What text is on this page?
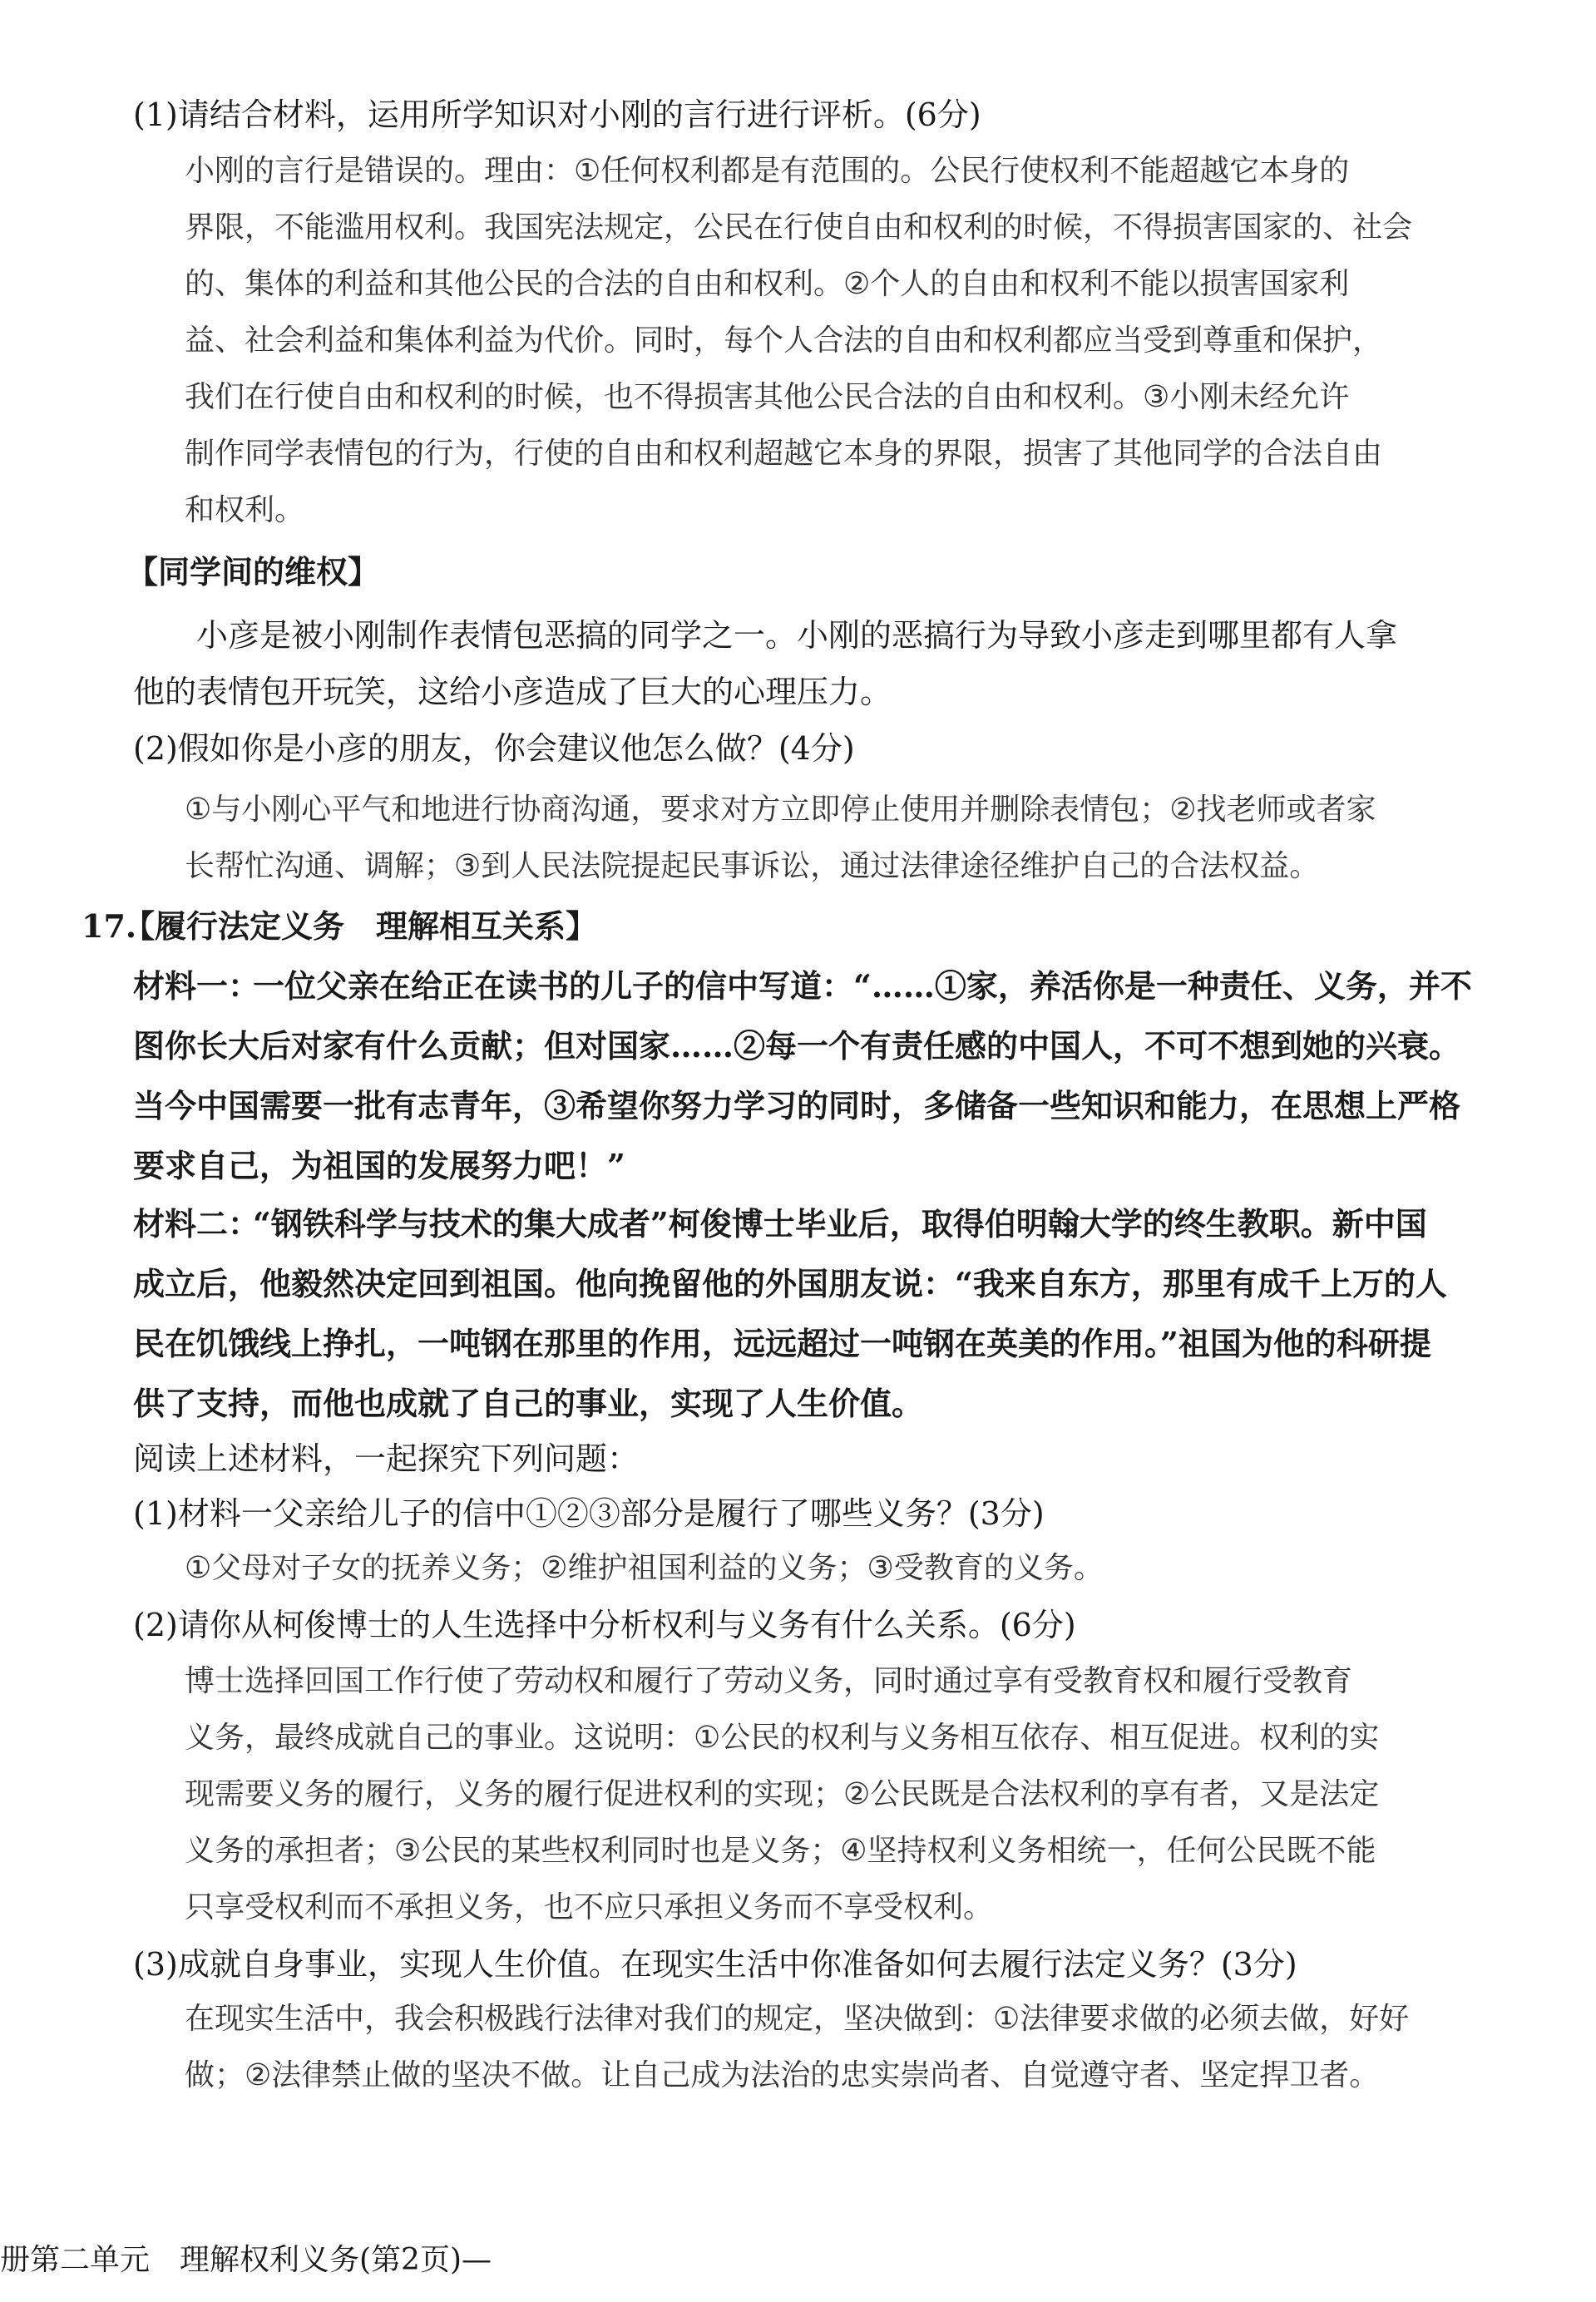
(1)请结合材料，运用所学知识对小刚的言行进行评析。(6分)
小刚的言行是错误的。理由：①任何权利都是有范围的。公民行使权利不能超越它本身的
界限，不能滥用权利。我国宪法规定，公民在行使自由和权利的时候，不得损害国家的、社会
的、集体的利益和其他公民的合法的自由和权利。②个人的自由和权利不能以损害国家利
益、社会利益和集体利益为代价。同时，每个人合法的自由和权利都应当受到尊重和保护，
我们在行使自由和权利的时候，也不得损害其他公民合法的自由和权利。③小刚未经允许
制作同学表情包的行为，行使的自由和权利超越它本身的界限，损害了其他同学的合法自由
和权利。
【同学间的维权】
小彦是被小刚制作表情包恶搞的同学之一。小刚的恶搞行为导致小彦走到哪里都有人拿
他的表情包开玩笑，这给小彦造成了巨大的心理压力。
(2)假如你是小彦的朋友，你会建议他怎么做？(4分)
①与小刚心平气和地进行协商沟通，要求对方立即停止使用并删除表情包；②找老师或者家
长帮忙沟通、调解；③到人民法院提起民事诉讼，通过法律途径维护自己的合法权益。
17.
【履行法定义务　理解相互关系】
材料一：
一位父亲在给正在读书的儿子的信中写道：“……①家，养活你是一种责任、义务，并不
图你长大后对家有什么贡献；但对国家……②每一个有责任感的中国人，不可不想到她的兴衰。
当今中国需要一批有志青年，③希望你努力学习的同时，多储备一些知识和能力，在思想上严格
要求自己，为祖国的发展努力吧！”
材料二：
“钢铁科学与技术的集大成者”柯俊博士毕业后，取得伯明翰大学的终生教职。新中国
成立后，他毅然决定回到祖国。他向挽留他的外国朋友说：“我来自东方，那里有成千上万的人
民在饥饿线上挣扎，一吨钢在那里的作用，远远超过一吨钢在英美的作用。”祖国为他的科研提
供了支持，而他也成就了自己的事业，实现了人生价值。
阅读上述材料，一起探究下列问题：
(1)材料一父亲给儿子的信中①②③部分是履行了哪些义务？(3分)
①父母对子女的抚养义务；②维护祖国利益的义务；③受教育的义务。
(2)请你从柯俊博士的人生选择中分析权利与义务有什么关系。(6分)
博士选择回国工作行使了劳动权和履行了劳动义务，同时通过享有受教育权和履行受教育
义务，最终成就自己的事业。这说明：①公民的权利与义务相互依存、相互促进。权利的实
现需要义务的履行，义务的履行促进权利的实现；②公民既是合法权利的享有者，又是法定
义务的承担者；③公民的某些权利同时也是义务；④坚持权利义务相统一，任何公民既不能
只享受权利而不承担义务，也不应只承担义务而不享受权利。
(3)成就自身事业，实现人生价值。在现实生活中你准备如何去履行法定义务？(3分)
在现实生活中，我会积极践行法律对我们的规定，坚决做到：①法律要求做的必须去做，好好
做；②法律禁止做的坚决不做。让自己成为法治的忠实崇尚者、自觉遵守者、坚定捍卫者。
册第二单元　理解权利义务(第2页)—
